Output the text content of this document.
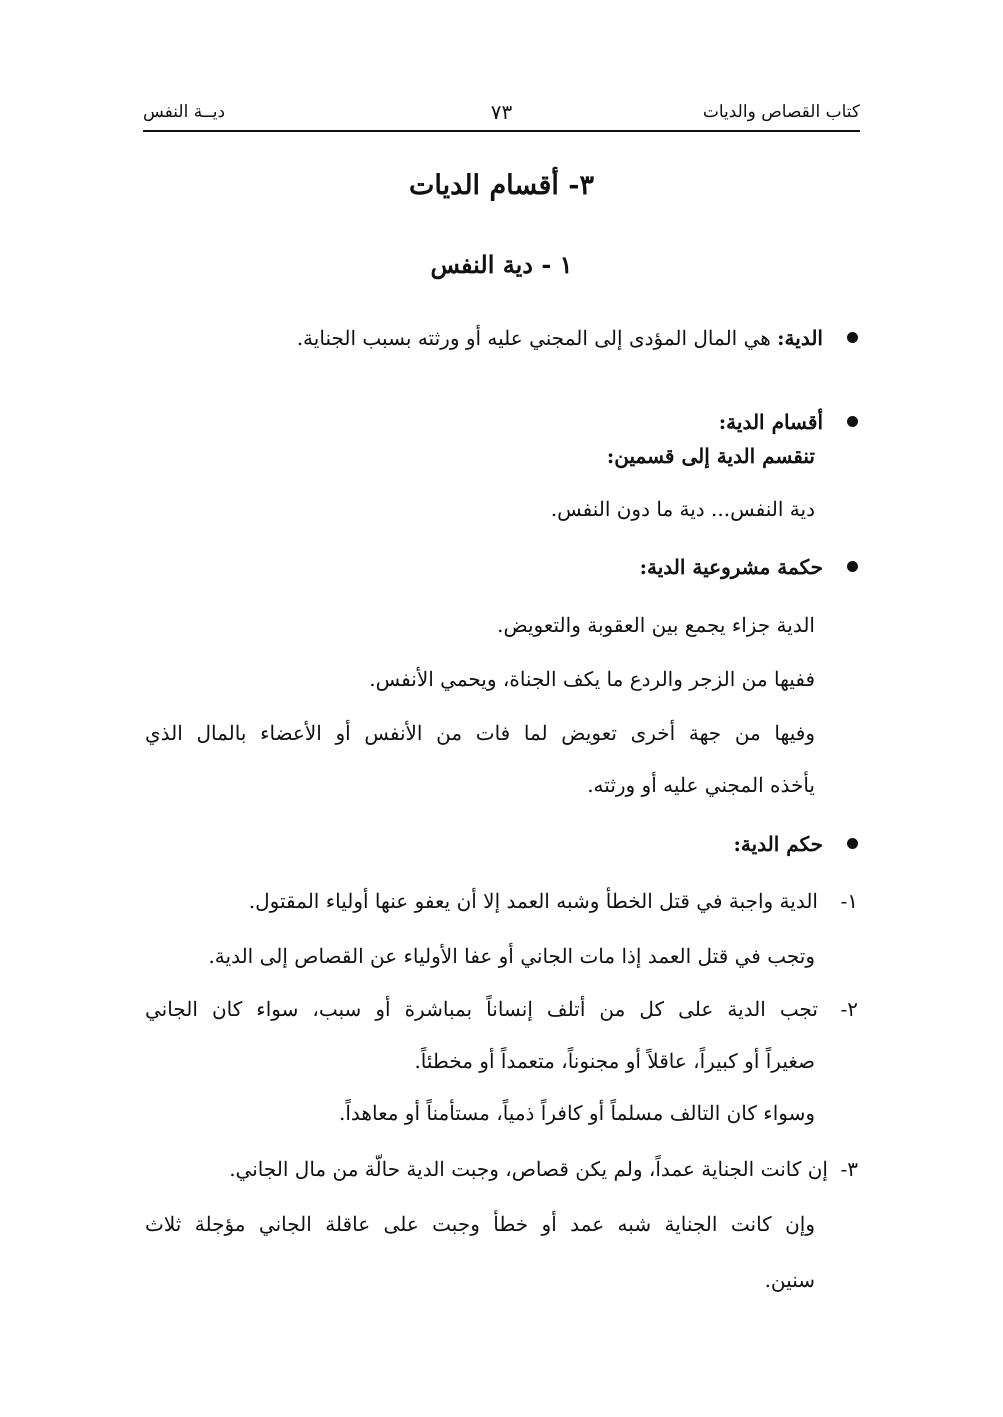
كتاب القصاص والديات
٧٣
ديــة النفس
٣- أقسام الديات
١ - دية النفس
الدية: هي المال المؤدى إلى المجني عليه أو ورثته بسبب الجناية.
أقسام الدية:
تنقسم الدية إلى قسمين:
دية النفس... دية ما دون النفس.
حكمة مشروعية الدية:
الدية جزاء يجمع بين العقوبة والتعويض.
ففيها من الزجر والردع ما يكف الجناة، ويحمي الأنفس.
وفيها من جهة أخرى تعويض لما فات من الأنفس أو الأعضاء بالمال الذي
يأخذه المجني عليه أو ورثته.
حكم الدية:
١-الدية واجبة في قتل الخطأ وشبه العمد إلا أن يعفو عنها أولياء المقتول.
وتجب في قتل العمد إذا مات الجاني أو عفا الأولياء عن القصاص إلى الدية.
٢-تجب الدية على كل من أتلف إنساناً بمباشرة أو سبب، سواء كان الجاني
صغيراً أو كبيراً، عاقلاً أو مجنوناً، متعمداً أو مخطئاً.
وسواء كان التالف مسلماً أو كافراً ذمياً، مستأمناً أو معاهداً.
٣-إن كانت الجناية عمداً، ولم يكن قصاص، وجبت الدية حالّة من مال الجاني.
وإن كانت الجناية شبه عمد أو خطأ وجبت على عاقلة الجاني مؤجلة ثلاث
سنين.
